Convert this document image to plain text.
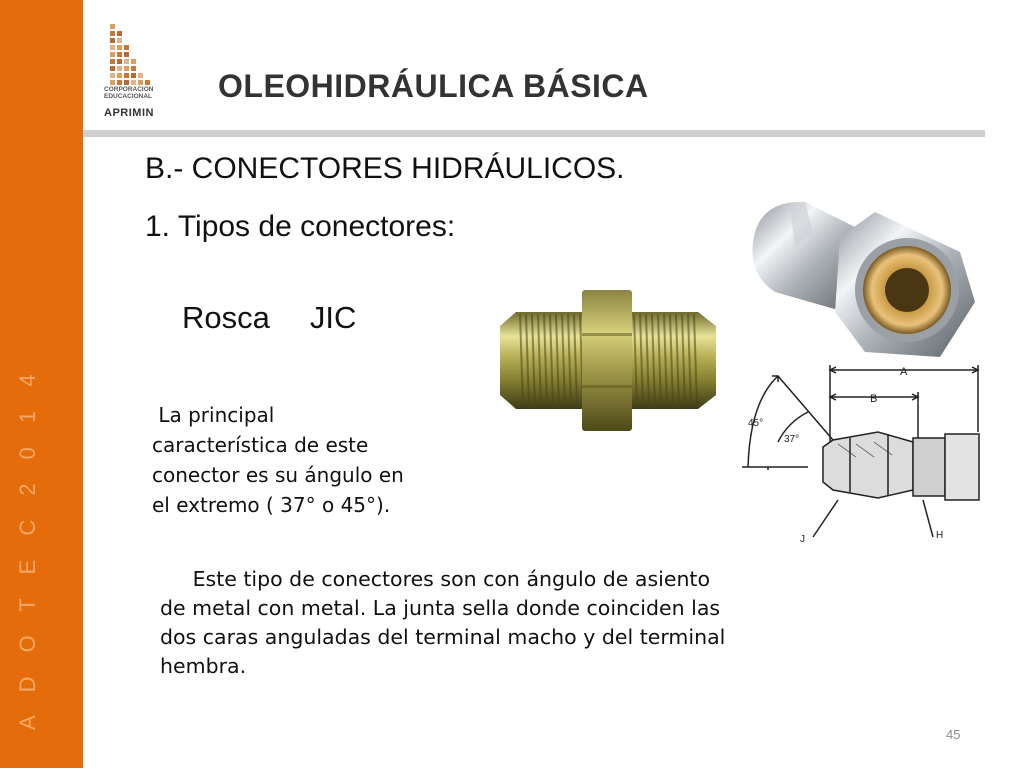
A D O T E C 2 0 1 4
CORPORACION
EDUCACIONAL
APRIMIN
OLEOHIDRÁULICA BÁSICA
B.- CONECTORES HIDRÁULICOS.
1. Tipos de conectores:
Rosca JIC
La principal
característica de este
conector es su ángulo en
el extremo ( 37° o 45°).
Este tipo de conectores son con ángulo de asiento
de metal con metal. La junta sella donde coinciden las
dos caras anguladas del terminal macho y del terminal
hembra.
A
B
45°
37°
J	H
45
